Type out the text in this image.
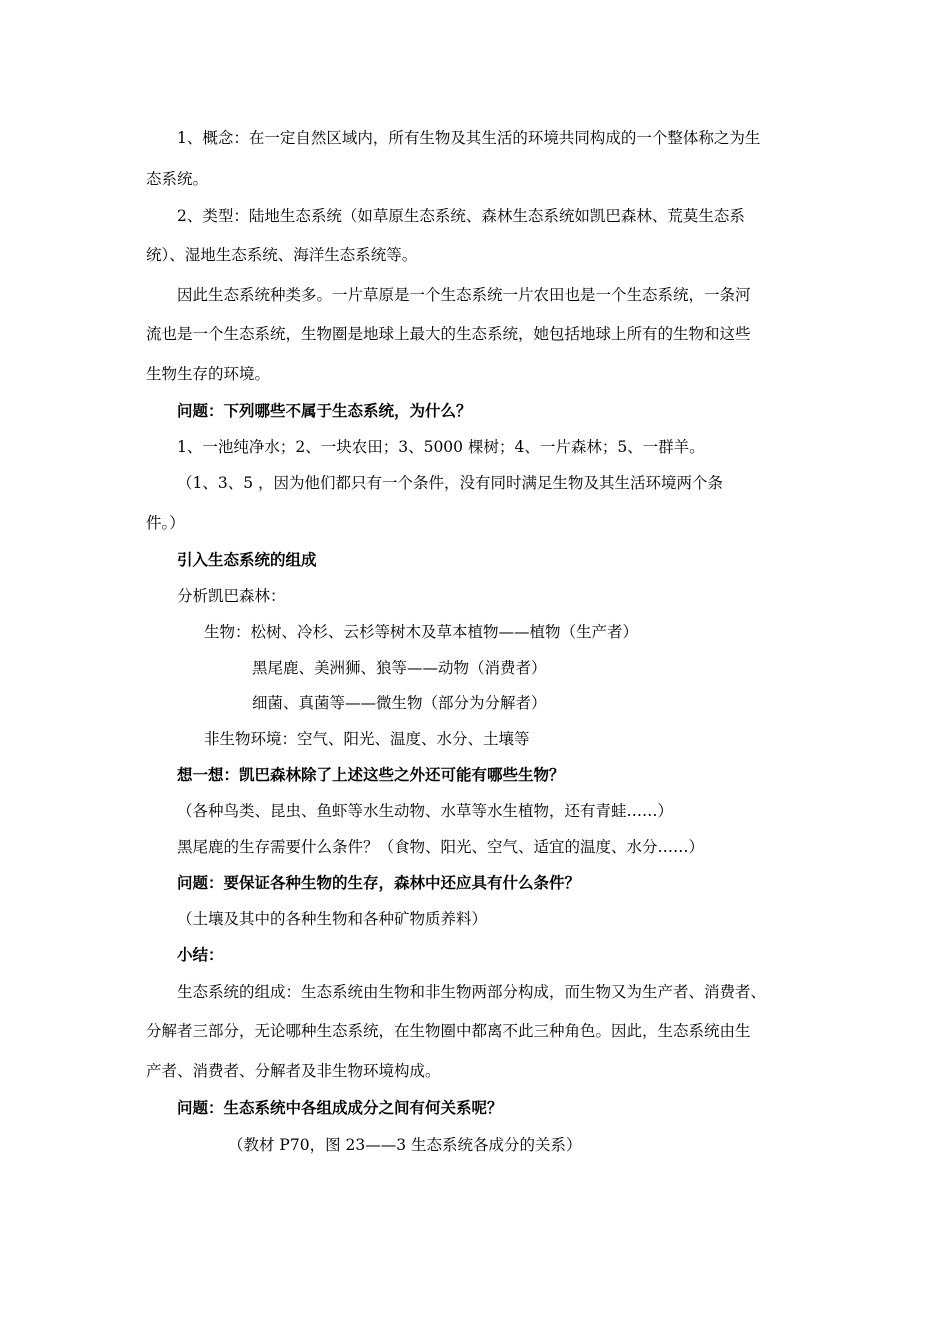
1、概念：在一定自然区域内，所有生物及其生活的环境共同构成的一个整体称之为生

态系统。

2、类型：陆地生态系统（如草原生态系统、森林生态系统如凯巴森林、荒莫生态系

统）、湿地生态系统、海洋生态系统等。

因此生态系统种类多。一片草原是一个生态系统一片农田也是一个生态系统，一条河

流也是一个生态系统，生物圈是地球上最大的生态系统，她包括地球上所有的生物和这些

生物生存的环境。

问题：下列哪些不属于生态系统，为什么？

1、一池纯净水；2、一块农田；3、5000 棵树；4、一片森林；5、一群羊。

（1、3、5 ，因为他们都只有一个条件，没有同时满足生物及其生活环境两个条

件。）

引入生态系统的组成

分析凯巴森林：

生物：松树、冷杉、云杉等树木及草本植物——植物（生产者）

黑尾鹿、美洲狮、狼等——动物（消费者）

细菌、真菌等——微生物（部分为分解者）

非生物环境：空气、阳光、温度、水分、土壤等

想一想：凯巴森林除了上述这些之外还可能有哪些生物？

（各种鸟类、昆虫、鱼虾等水生动物、水草等水生植物，还有青蛙……）

黑尾鹿的生存需要什么条件？（食物、阳光、空气、适宜的温度、水分……）

问题：要保证各种生物的生存，森林中还应具有什么条件？

（土壤及其中的各种生物和各种矿物质养料）

小结：

生态系统的组成：生态系统由生物和非生物两部分构成，而生物又为生产者、消费者、

分解者三部分，无论哪种生态系统，在生物圈中都离不此三种角色。因此，生态系统由生

产者、消费者、分解者及非生物环境构成。

问题：生态系统中各组成成分之间有何关系呢？

（教材 P70，图 23——3 生态系统各成分的关系）
